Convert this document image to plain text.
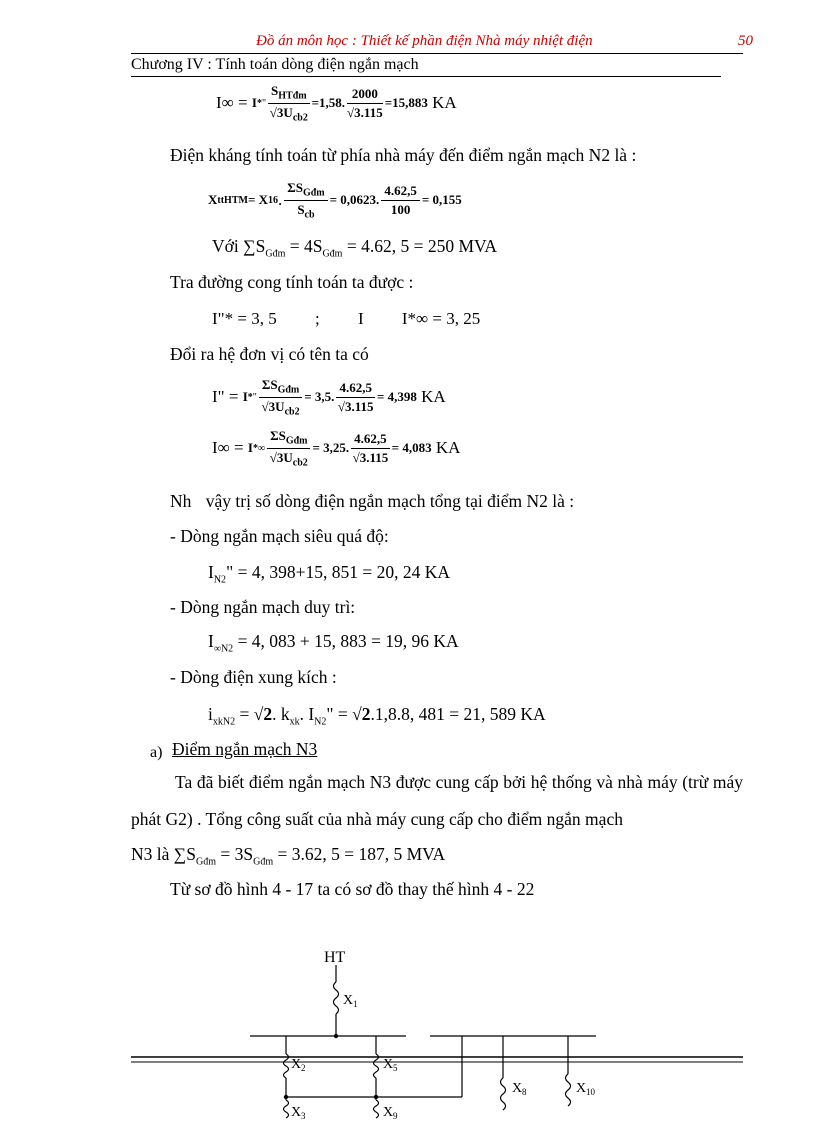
Đồ án môn học : Thiết kế phần điện Nhà máy nhiệt điện	50
Chương IV : Tính toán dòng điện ngắn mạch
I∞ =
I * " $\frac{S_{HTđm}}{√3U_{cb2}} =1,58$. $\frac{2000}{√3.115} =15,883$
KA
Điện kháng tính toán từ phía nhà máy đến điểm ngắn mạch N2 là :
X ttHTM = X 16 . $\frac{\Sigma S_{Gđm}}{S_{cb}} = 0,0623$. $\frac{4.62,5}{100} = 0,155$
Với $\sum S_{Gđm} = 4S_{Gđm} = 4.62$, 5 = 250 MVA
Tra đường cong tính toán ta được :
I"* = 3, 5 ; I I*∞ = 3, 25
Đổi ra hệ đơn vị có tên ta có
I" =
I * " $\frac{\Sigma S_{Gđm}}{√3U_{cb2}} = 3,5$. $\frac{4.62,5}{√3.115} = 4,398$
KA
I∞ =
I *∞ $\frac{\Sigma S_{Gđm}}{√3U_{cb2}} = 3,25$. $\frac{4.62,5}{√3.115} = 4,083$
KA
Nh vậy trị số dòng điện ngắn mạch tổng tại điểm N2 là :
- Dòng ngắn mạch siêu quá độ:
$I_{N2}$" = 4, 398+15, 851 = 20, 24 KA
- Dòng ngắn mạch duy trì:
$I_{\infty N2} = 4$, 083 + 15, 883 = 19, 96 KA
- Dòng điện xung kích :
$i_{xkN2} = √2$. $k_{xk}$. $I_{N2}$" = √2.1,8.8, 481 = 21, 589 KA
a) Điểm ngắn mạch N3
Ta đã biết điểm ngắn mạch N3 được cung cấp bởi hệ thống và nhà máy (trừ máy phát G2) . Tổng công suất của nhà máy cung cấp cho điểm ngắn mạch
N3 là $\sum S_{Gđm} = 3S_{Gđm} = 3.62$, 5 = 187, 5 MVA
Từ sơ đồ hình 4 - 17 ta có sơ đồ thay thế hình 4 - 22
HT
X 1
X 2
X 3
X 5
X 9
X 8	X 10
